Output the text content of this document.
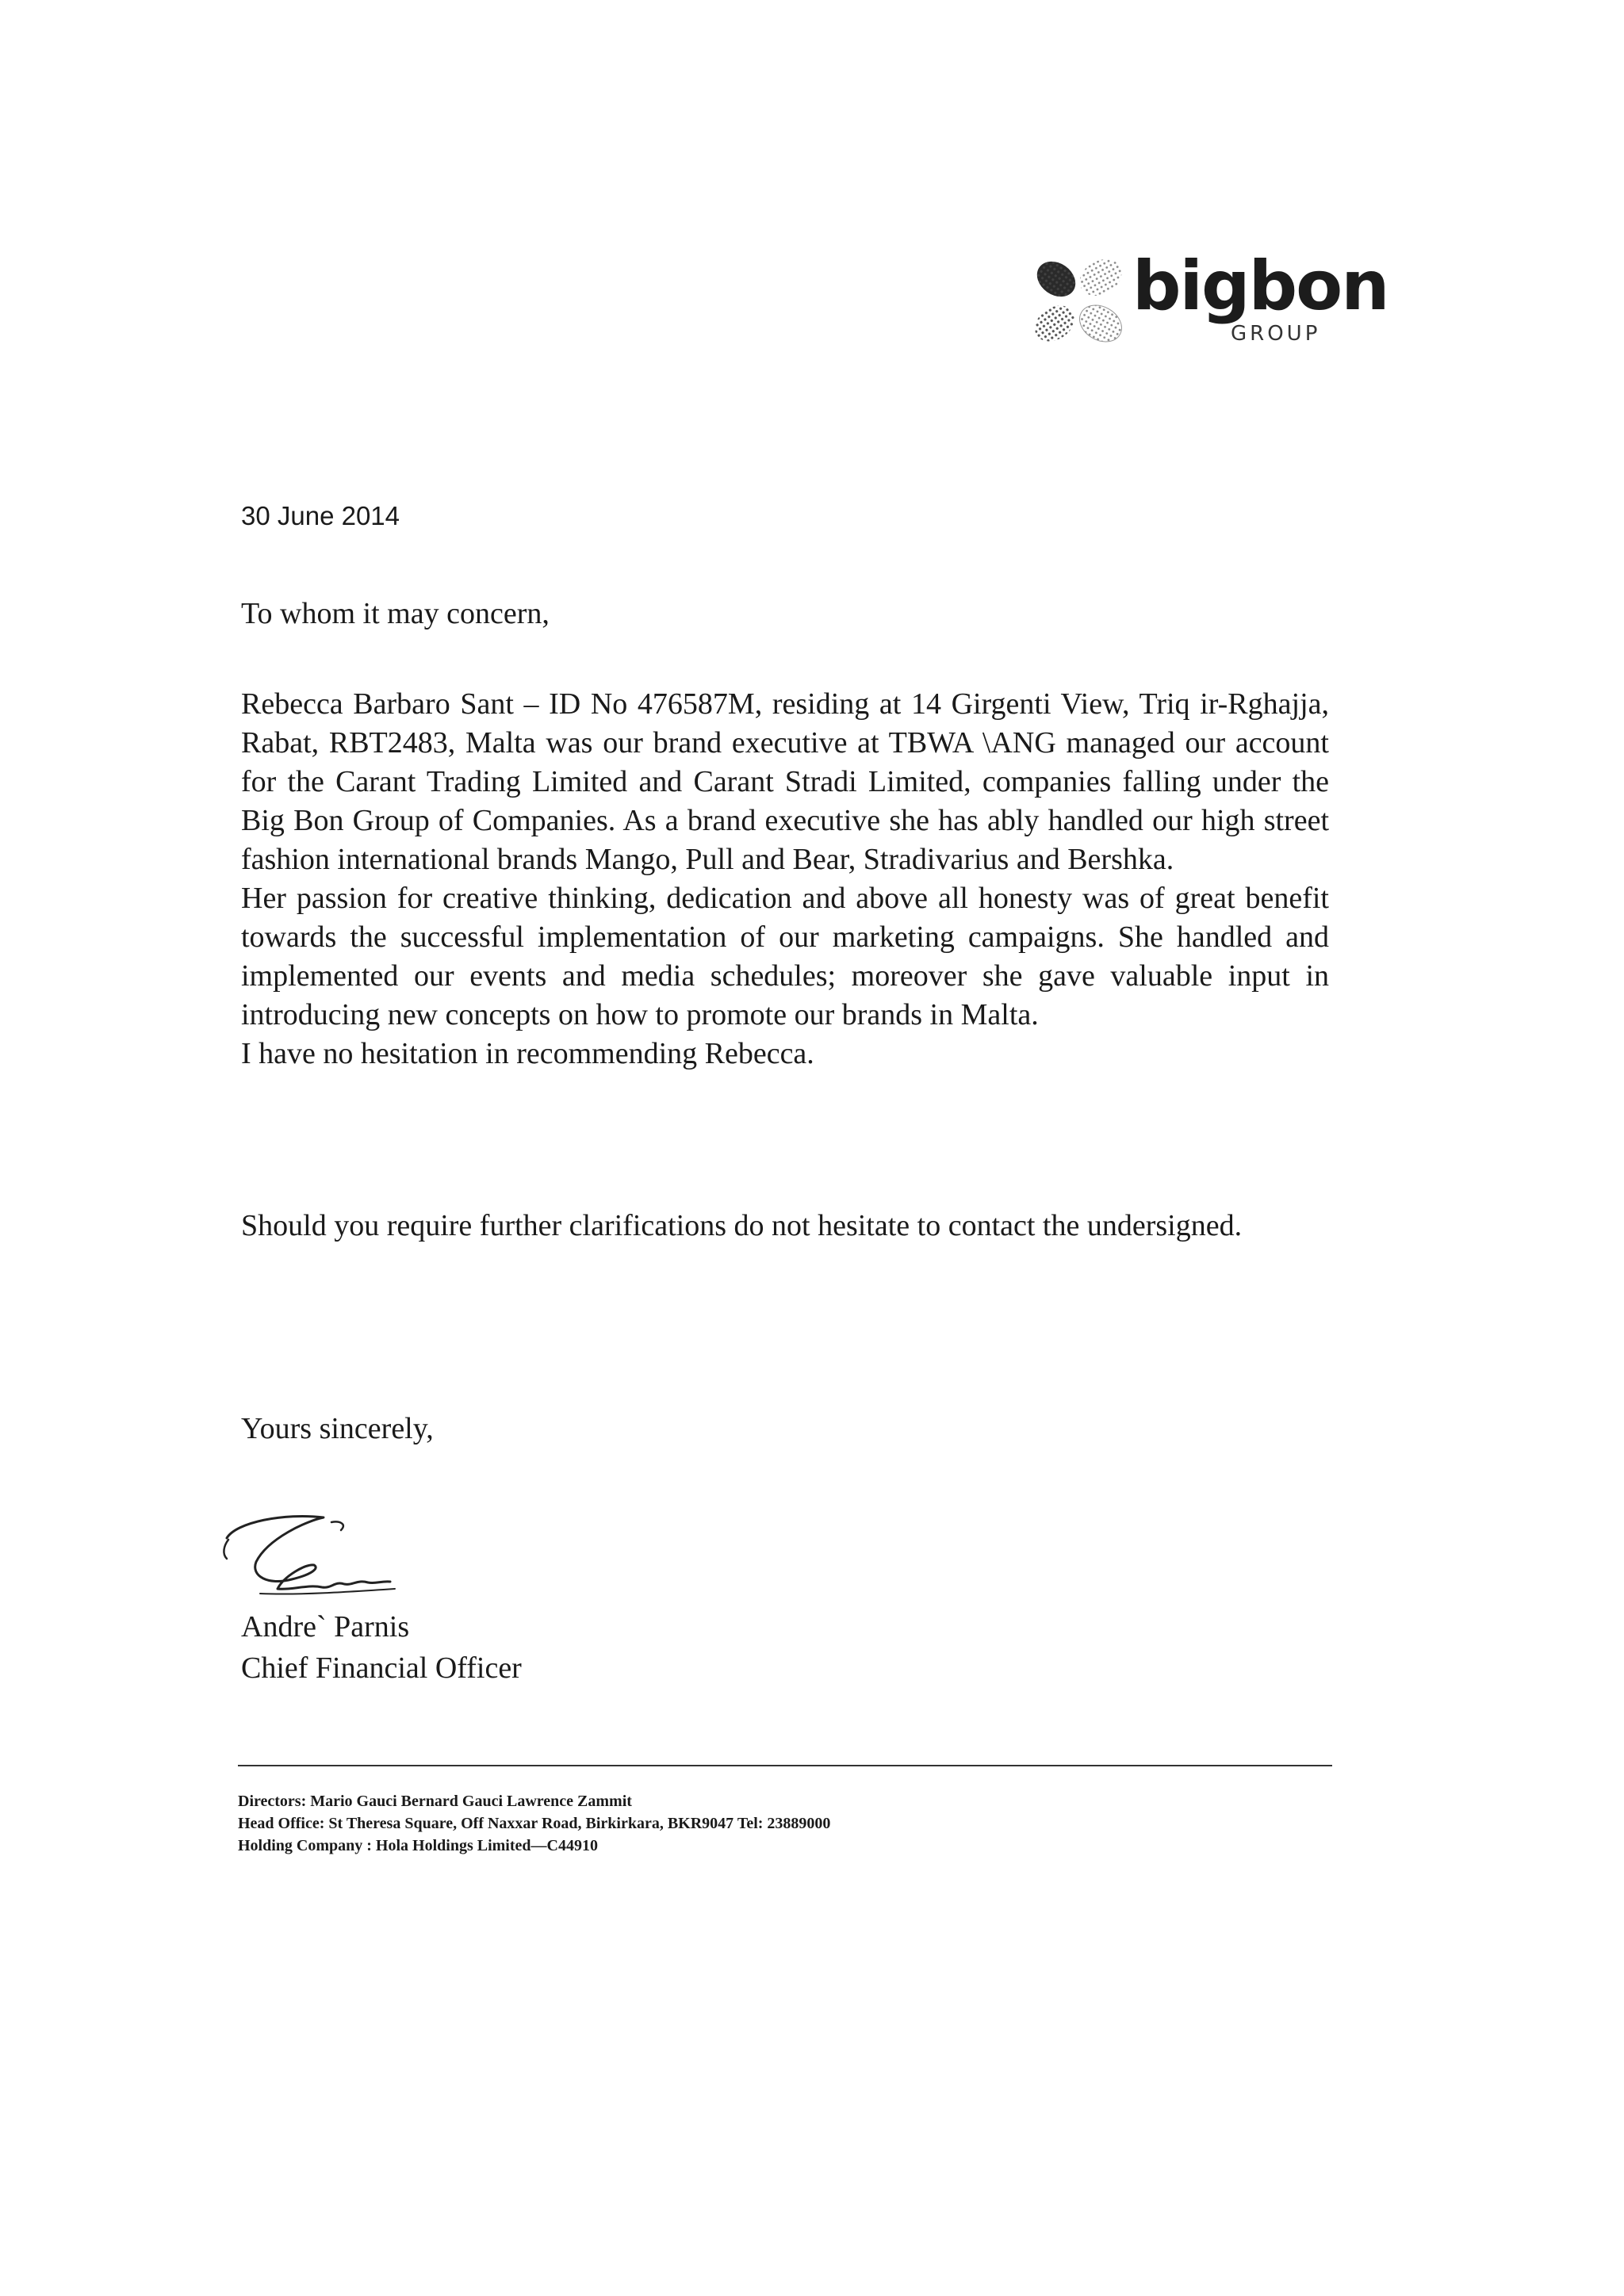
bigbon
GROUP
30 June 2014
To whom it may concern,

Rebecca Barbaro Sant – ID No 476587M, residing at 14 Girgenti View, Triq ir-Rghajja, Rabat, RBT2483, Malta was our brand executive at TBWA \ANG managed our account for the Carant Trading Limited and Carant Stradi Limited, companies falling under the Big Bon Group of Companies. As a brand executive she has ably handled our high street fashion international brands Mango, Pull and Bear, Stradivarius and Bershka.

Her passion for creative thinking, dedication and above all honesty was of great benefit towards the successful implementation of our marketing campaigns. She handled and implemented our events and media schedules; moreover she gave valuable input in introducing new concepts on how to promote our brands in Malta.

I have no hesitation in recommending Rebecca.

Should you require further clarifications do not hesitate to contact the undersigned.

Yours sincerely,
Andre` Parnis
Chief Financial Officer
Directors: Mario Gauci Bernard Gauci Lawrence Zammit
Head Office: St Theresa Square, Off Naxxar Road, Birkirkara, BKR9047 Tel: 23889000
Holding Company : Hola Holdings Limited—C44910
